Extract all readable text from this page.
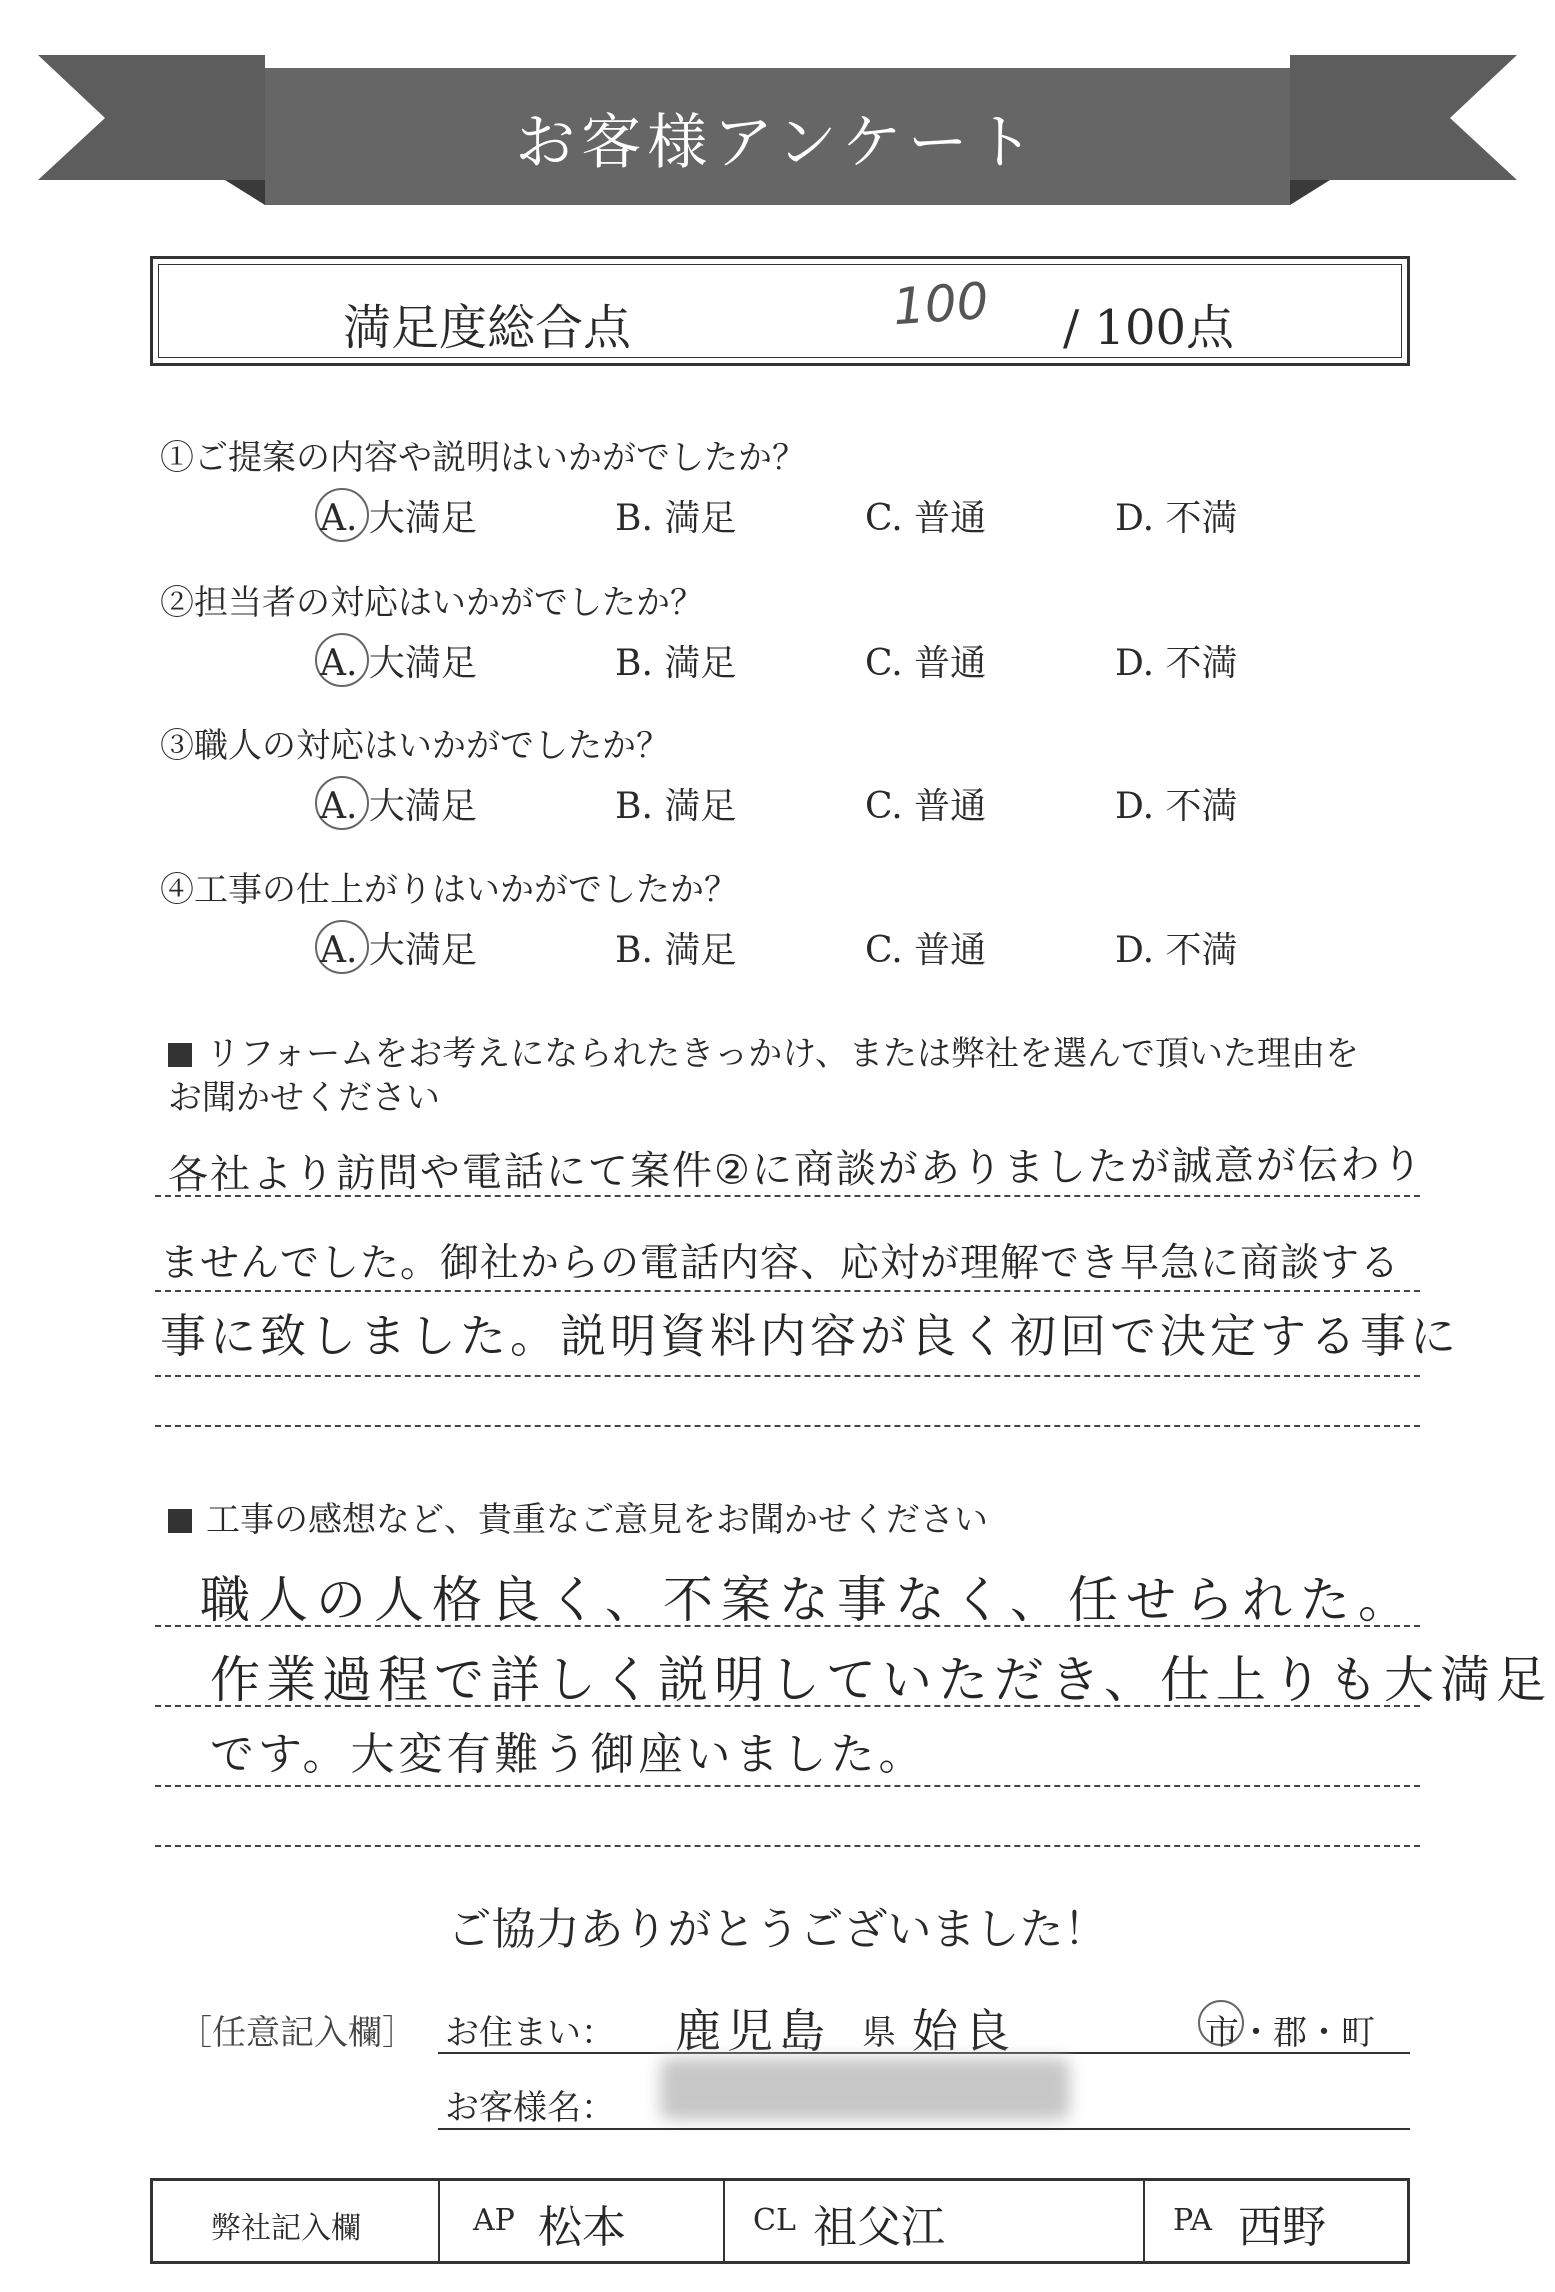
お客様アンケート
満足度総合点	100 / 100点
①ご提案の内容や説明はいかがでしたか？
A. 大満足	B. 満足	C. 普通	D. 不満
②担当者の対応はいかがでしたか？
A. 大満足	B. 満足	C. 普通	D. 不満
③職人の対応はいかがでしたか？
A. 大満足	B. 満足	C. 普通	D. 不満
④工事の仕上がりはいかがでしたか？
A. 大満足	B. 満足	C. 普通	D. 不満
リフォームをお考えになられたきっかけ、または弊社を選んで頂いた理由を
お聞かせください
各社より訪問や電話にて案件②に商談がありましたが誠意が伝わり
ませんでした。御社からの電話内容、応対が理解でき早急に商談する
事に致しました。説明資料内容が良く初回で決定する事に
工事の感想など、貴重なご意見をお聞かせください
職人の人格良く、不案な事なく、任せられた。
作業過程で詳しく説明していただき、仕上りも大満足
です。大変有難う御座いました。
ご協力ありがとうございました！
［任意記入欄］ お住まい： 鹿児島 県 始良	市・郡・町
お客様名：
弊社記入欄	AP 松本	CL 祖父江	PA 西野
